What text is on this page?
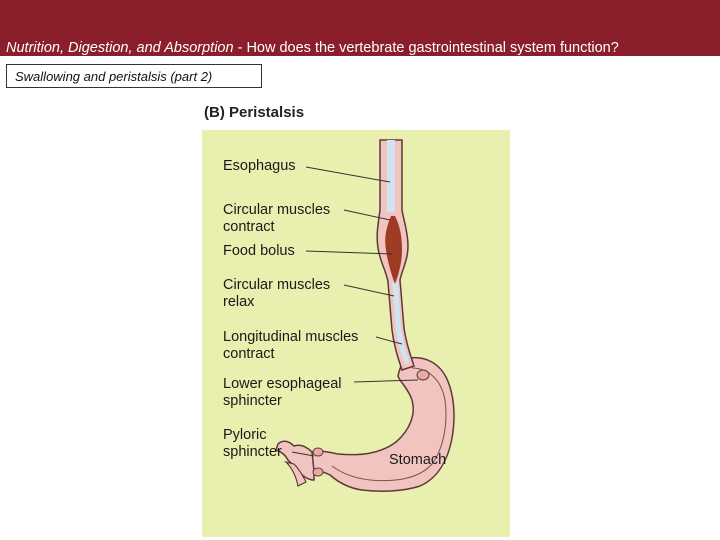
Nutrition, Digestion, and Absorption - How does the vertebrate gastrointestinal system function?
Swallowing and peristalsis (part 2)
(B) Peristalsis
Esophagus
Circular muscles
contract
Food bolus
Circular muscles
relax
Longitudinal muscles
contract
Lower esophageal
sphincter
Pyloric
sphincter	Stomach
